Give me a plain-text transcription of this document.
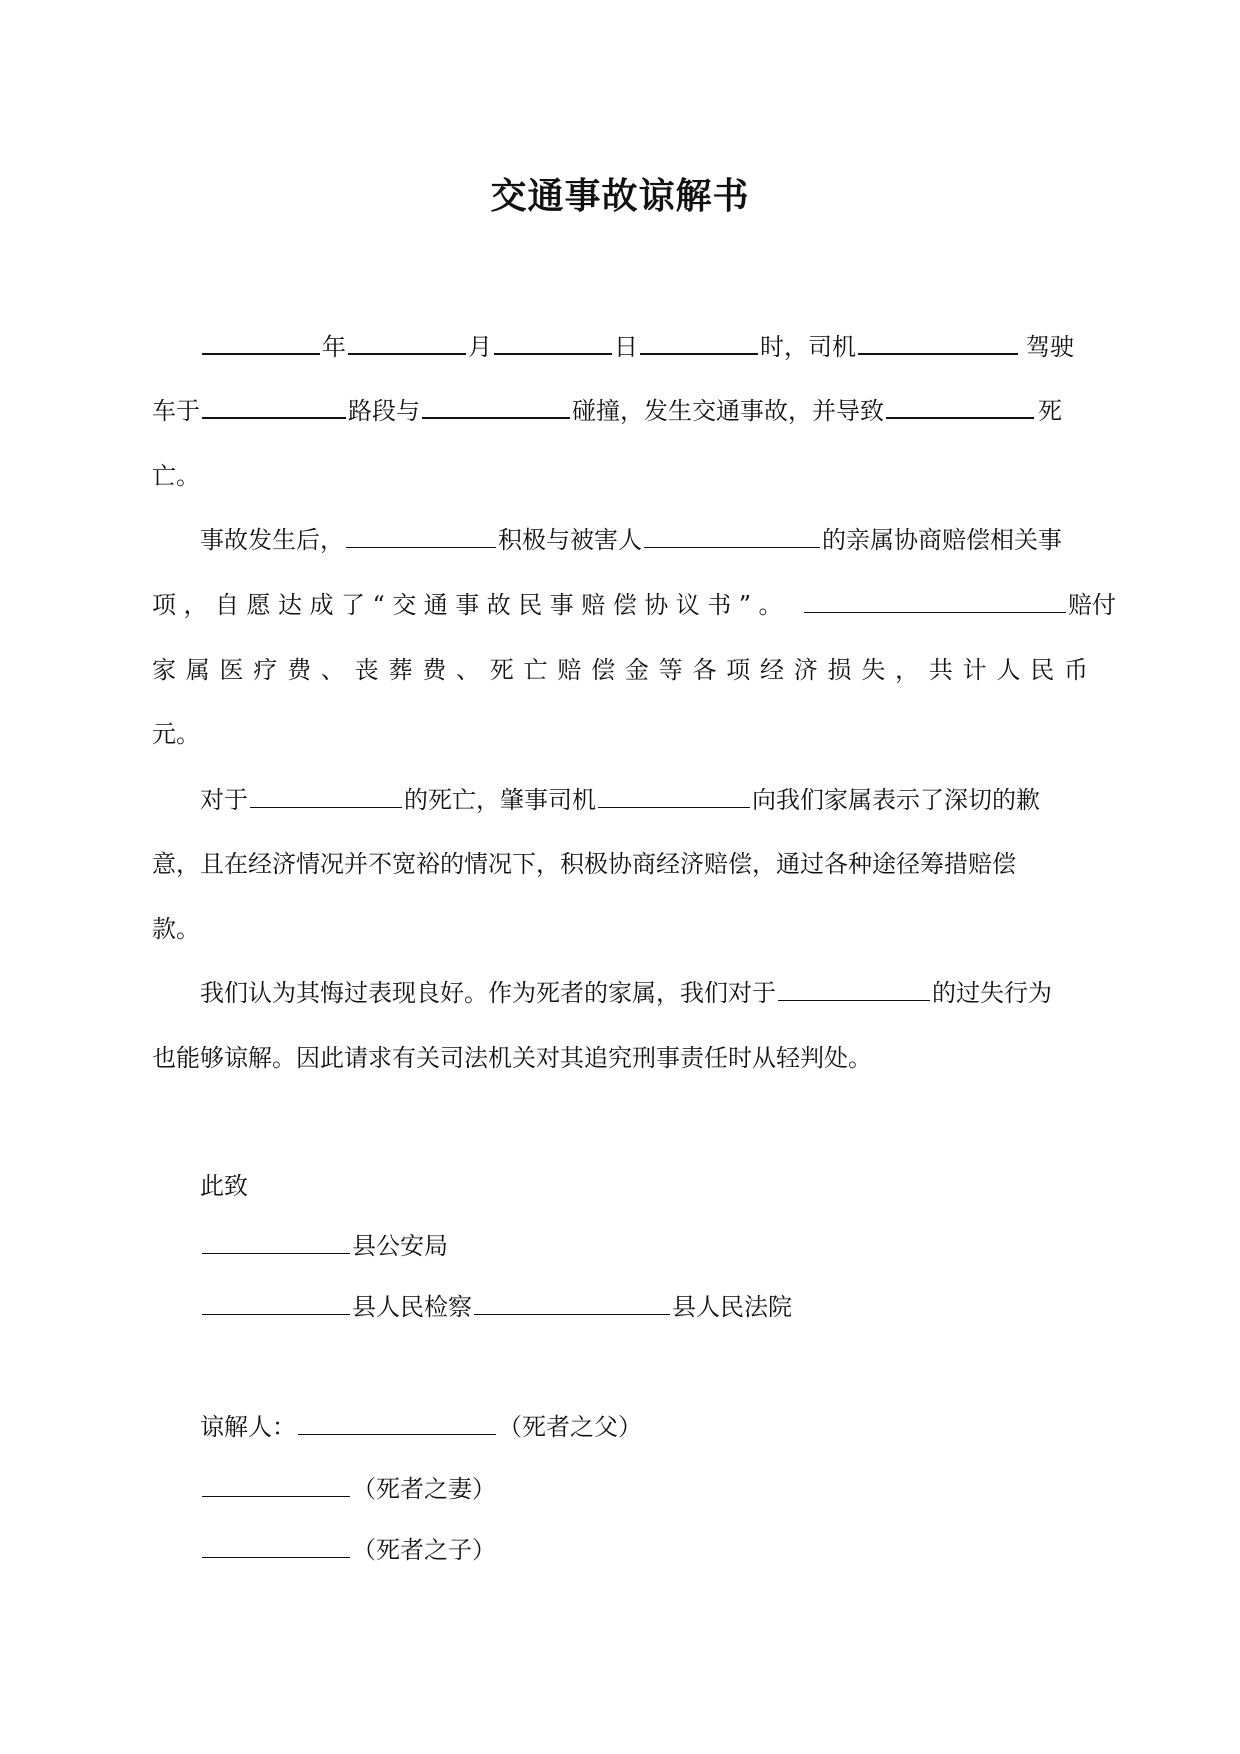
交通事故谅解书
年	月	日	时，司机	驾驶
车于	路段与	碰撞，发生交通事故，并导致	死
亡。
事故发生后，	积极与被害人	的亲属协商赔偿相关事
项，自愿达成了“交通事故民事赔偿协议书”。	赔付
家属医疗费、丧葬费、死亡赔偿金等各项经济损失，共计人民币
元。
对于	的死亡，肇事司机	向我们家属表示了深切的歉
意，且在经济情况并不宽裕的情况下，积极协商经济赔偿，通过各种途径筹措赔偿
款。
我们认为其悔过表现良好。作为死者的家属，我们对于	的过失行为
也能够谅解。因此请求有关司法机关对其追究刑事责任时从轻判处。
此致
县公安局
县人民检察	县人民法院
谅解人：	（死者之父）
（死者之妻）
（死者之子）
